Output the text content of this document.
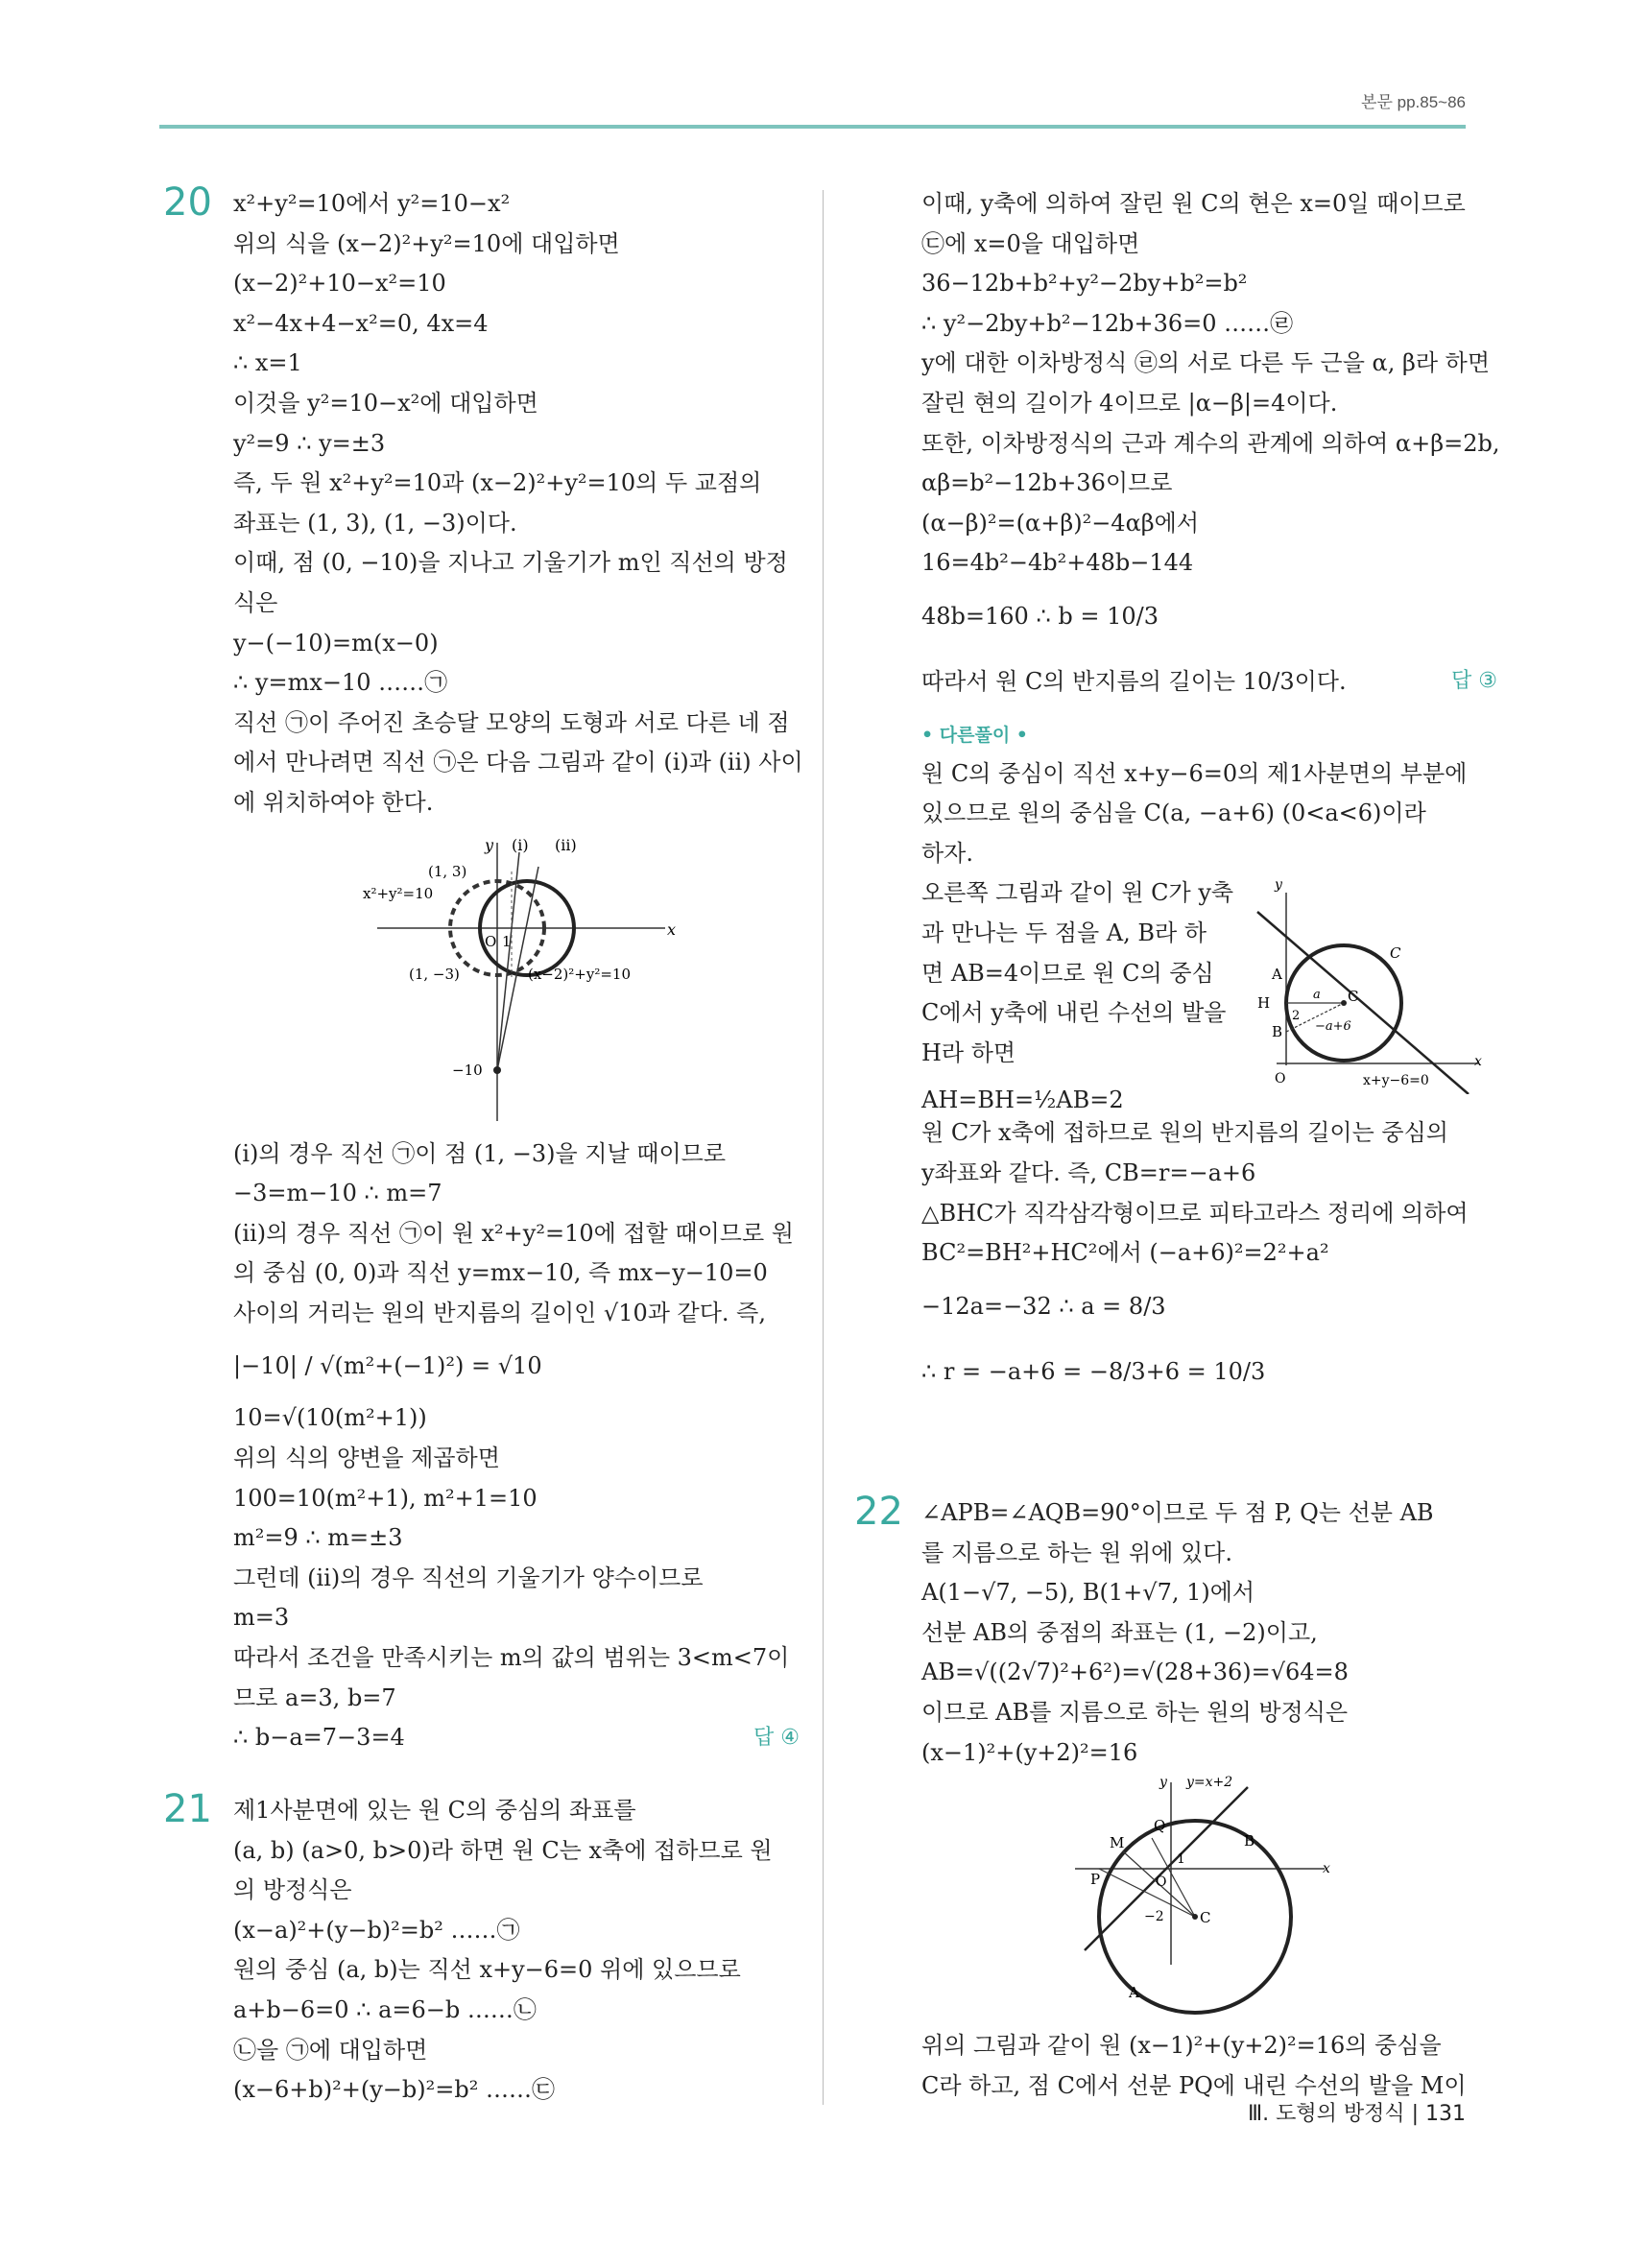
본문 pp.85~86
20 x²+y²=10에서 y²=10−x²
위의 식을 (x−2)²+y²=10에 대입하면
(x−2)²+10−x²=10
x²−4x+4−x²=0, 4x=4
∴ x=1
이것을 y²=10−x²에 대입하면
y²=9 ∴ y=±3
즉, 두 원 x²+y²=10과 (x−2)²+y²=10의 두 교점의
좌표는 (1, 3), (1, −3)이다.
이때, 점 (0, −10)을 지나고 기울기가 m인 직선의 방정
식은
y−(−10)=m(x−0)
∴ y=mx−10 ……㉠
직선 ㉠이 주어진 초승달 모양의 도형과 서로 다른 네 점
에서 만나려면 직선 ㉠은 다음 그림과 같이 (ⅰ)과 (ⅱ) 사이
에 위치하여야 한다.
y
x
O 1
(ⅰ) (ⅱ)
(1, 3)
x²+y²=10
(1, −3)	(x−2)²+y²=10
−10
(ⅰ)의 경우 직선 ㉠이 점 (1, −3)을 지날 때이므로
−3=m−10 ∴ m=7
(ⅱ)의 경우 직선 ㉠이 원 x²+y²=10에 접할 때이므로 원
의 중심 (0, 0)과 직선 y=mx−10, 즉 mx−y−10=0
사이의 거리는 원의 반지름의 길이인 √10과 같다. 즉,
|−10| / √(m²+(−1)²) = √10
10=√(10(m²+1))
위의 식의 양변을 제곱하면
100=10(m²+1), m²+1=10
m²=9 ∴ m=±3
그런데 (ⅱ)의 경우 직선의 기울기가 양수이므로
m=3
따라서 조건을 만족시키는 m의 값의 범위는 3<m<7이
므로 a=3, b=7
∴ b−a=7−3=4	답 ④
21 제1사분면에 있는 원 C의 중심의 좌표를
(a, b) (a>0, b>0)라 하면 원 C는 x축에 접하므로 원
의 방정식은
(x−a)²+(y−b)²=b² ……㉠
원의 중심 (a, b)는 직선 x+y−6=0 위에 있으므로
a+b−6=0 ∴ a=6−b ……㉡
㉡을 ㉠에 대입하면
(x−6+b)²+(y−b)²=b² ……㉢
이때, y축에 의하여 잘린 원 C의 현은 x=0일 때이므로
㉢에 x=0을 대입하면
36−12b+b²+y²−2by+b²=b²
∴ y²−2by+b²−12b+36=0 ……㉣
y에 대한 이차방정식 ㉣의 서로 다른 두 근을 α, β라 하면
잘린 현의 길이가 4이므로 |α−β|=4이다.
또한, 이차방정식의 근과 계수의 관계에 의하여 α+β=2b,
αβ=b²−12b+36이므로
(α−β)²=(α+β)²−4αβ에서
16=4b²−4b²+48b−144
48b=160 ∴ b = 10/3
따라서 원 C의 반지름의 길이는 10/3이다.	답 ③
• 다른풀이 •
원 C의 중심이 직선 x+y−6=0의 제1사분면의 부분에
있으므로 원의 중심을 C(a, −a+6) (0<a<6)이라
하자.
오른쪽 그림과 같이 원 C가 y축
과 만나는 두 점을 A, B라 하
면 AB=4이므로 원 C의 중심
C에서 y축에 내린 수선의 발을
H라 하면
AH=BH=½AB=2
y
x
O
A
B
H	C
C
a
2
−a+6
x+y−6=0
원 C가 x축에 접하므로 원의 반지름의 길이는 중심의
y좌표와 같다. 즉, CB=r=−a+6
△BHC가 직각삼각형이므로 피타고라스 정리에 의하여
BC²=BH²+HC²에서 (−a+6)²=2²+a²
−12a=−32 ∴ a = 8/3
∴ r = −a+6 = −8/3+6 = 10/3
22 ∠APB=∠AQB=90°이므로 두 점 P, Q는 선분 AB
를 지름으로 하는 원 위에 있다.
A(1−√7, −5), B(1+√7, 1)에서
선분 AB의 중점의 좌표는 (1, −2)이고,
AB=√((2√7)²+6²)=√(28+36)=√64=8
이므로 AB를 지름으로 하는 원의 방정식은
(x−1)²+(y+2)²=16
y y=x+2
x
M
Q
B
P	O
1
−2 C
A
위의 그림과 같이 원 (x−1)²+(y+2)²=16의 중심을
C라 하고, 점 C에서 선분 PQ에 내린 수선의 발을 M이
Ⅲ. 도형의 방정식 | 131
